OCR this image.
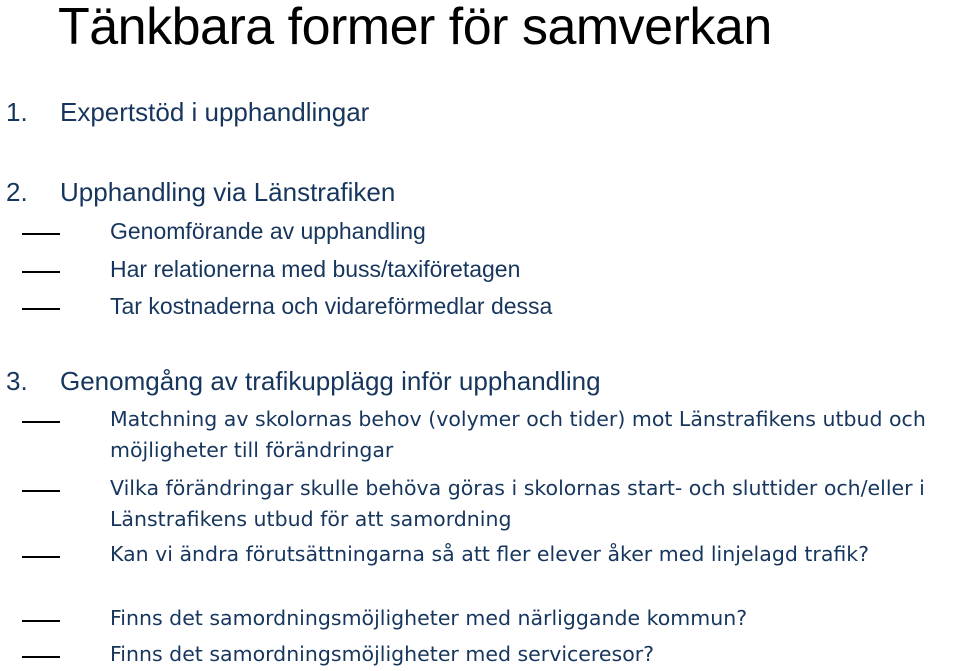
Tänkbara former för samverkan
1. Expertstöd i upphandlingar
2. Upphandling via Länstrafiken
Genomförande av upphandling
Har relationerna med buss/taxiföretagen
Tar kostnaderna och vidareförmedlar dessa
3. Genomgång av trafikupplägg inför upphandling
Matchning av skolornas behov (volymer och tider) mot Länstrafikens utbud och möjligheter till förändringar
Vilka förändringar skulle behöva göras i skolornas start- och sluttider och/eller i Länstrafikens utbud för att samordning
Kan vi ändra förutsättningarna så att fler elever åker med linjelagd trafik?
Finns det samordningsmöjligheter med närliggande kommun?
Finns det samordningsmöjligheter med serviceresor?
